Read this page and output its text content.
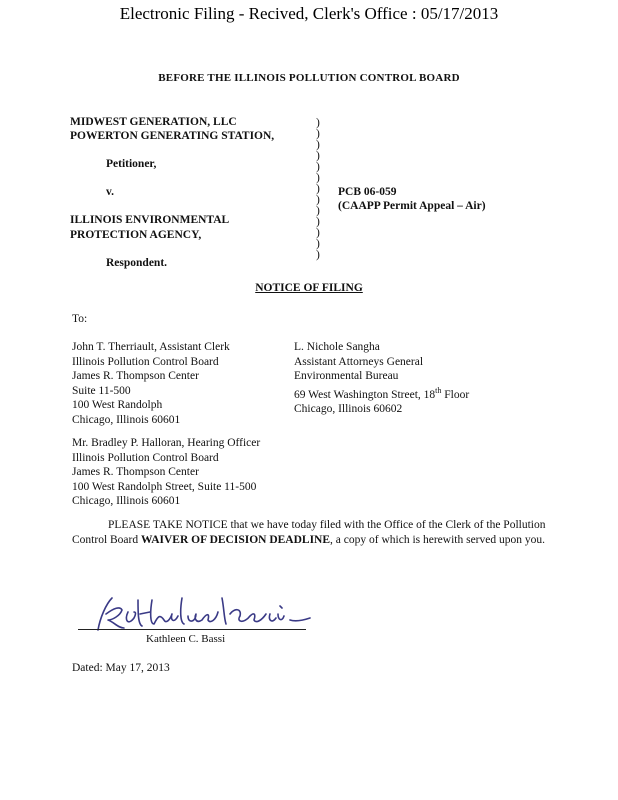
Electronic Filing - Recived, Clerk's Office : 05/17/2013
BEFORE THE ILLINOIS POLLUTION CONTROL BOARD
MIDWEST GENERATION, LLC
POWERTON GENERATING STATION,
Petitioner,
v.
ILLINOIS ENVIRONMENTAL
PROTECTION AGENCY,
Respondent.
)
)
)
)
)
)
)
)
)
)
)
)
)
PCB 06-059
(CAAPP Permit Appeal – Air)
NOTICE OF FILING
To:
John T. Therriault, Assistant Clerk
Illinois Pollution Control Board
James R. Thompson Center
Suite 11-500
100 West Randolph
Chicago, Illinois 60601
L. Nichole Sangha
Assistant Attorneys General
Environmental Bureau
69 West Washington Street, 18th Floor
Chicago, Illinois 60602
Mr. Bradley P. Halloran, Hearing Officer
Illinois Pollution Control Board
James R. Thompson Center
100 West Randolph Street, Suite 11-500
Chicago, Illinois 60601
PLEASE TAKE NOTICE that we have today filed with the Office of the Clerk of the Pollution Control Board WAIVER OF DECISION DEADLINE, a copy of which is herewith served upon you.
Kathleen C. Bassi
Dated: May 17, 2013
